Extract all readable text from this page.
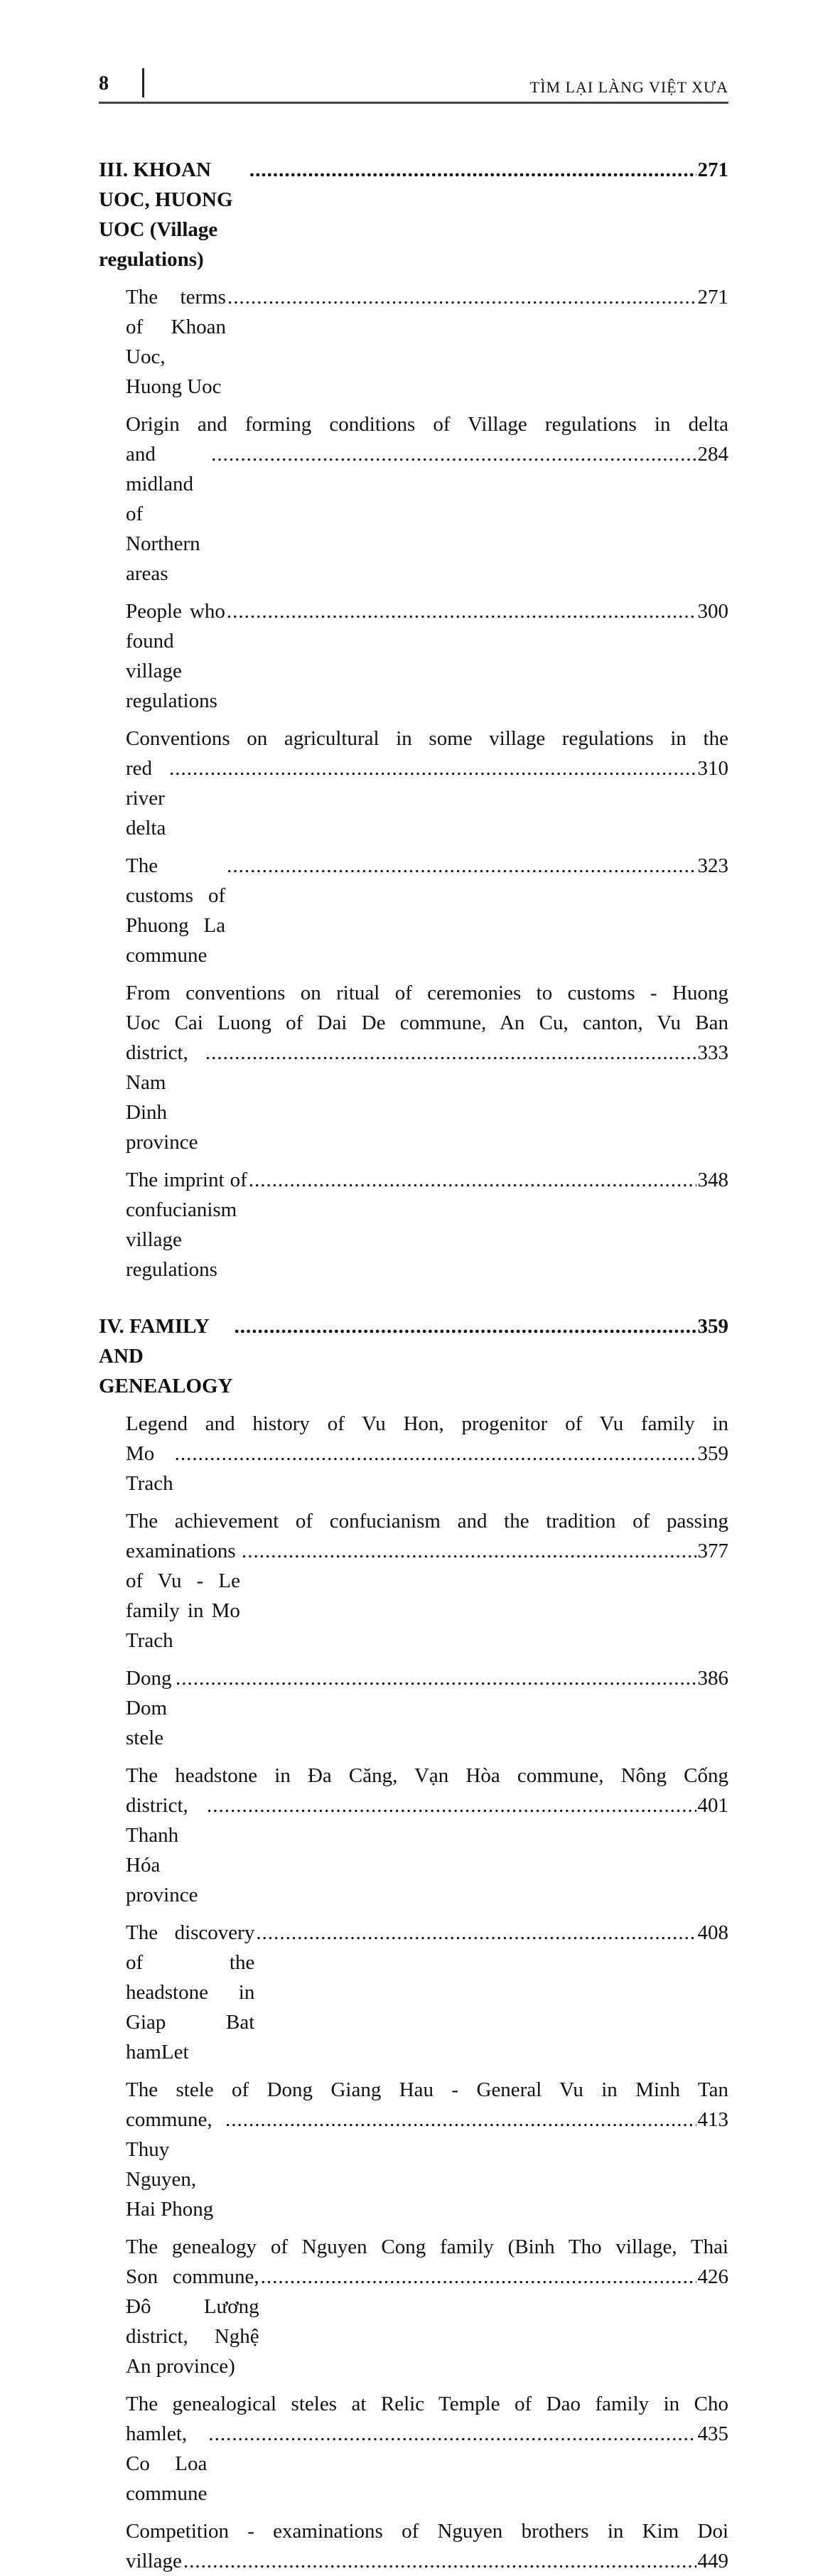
8	TÌM LẠI LÀNG VIỆT XƯA
III. KHOAN UOC, HUONG UOC (Village regulations)
.....
271
The terms of Khoan Uoc, Huong Uoc
.....
271
Origin and forming conditions of Village regulations in delta
and midland of Northern areas
.....
284
People who found village regulations
.....
300
Conventions on agricultural in some village regulations in the
red river delta
.....
310
The customs of Phuong La commune
.....
323
From conventions on ritual of ceremonies to customs - Huong
Uoc Cai Luong of Dai De commune, An Cu, canton, Vu Ban
district, Nam Dinh province
.....
333
The imprint of confucianism village regulations
.....
348
IV. FAMILY AND GENEALOGY
.....
359
Legend and history of Vu Hon, progenitor of Vu family in
Mo Trach
.....
359
The achievement of confucianism and the tradition of passing
examinations of Vu - Le family in Mo Trach
.....
377
Dong Dom stele
.....
386
The headstone in Đa Căng, Vạn Hòa commune, Nông Cống
district, Thanh Hóa province
.....
401
The discovery of the headstone in Giap Bat hamLet
.....
408
The stele of Dong Giang Hau - General Vu in Minh Tan
commune, Thuy Nguyen, Hai Phong
.....
413
The genealogy of Nguyen Cong family (Binh Tho village, Thai
Son commune, Đô Lương district, Nghệ An province)
.....
426
The genealogical steles at Relic Temple of Dao family in Cho
hamlet, Co Loa commune
.....
435
Competition - examinations of Nguyen brothers in Kim Doi
village
.....	449
